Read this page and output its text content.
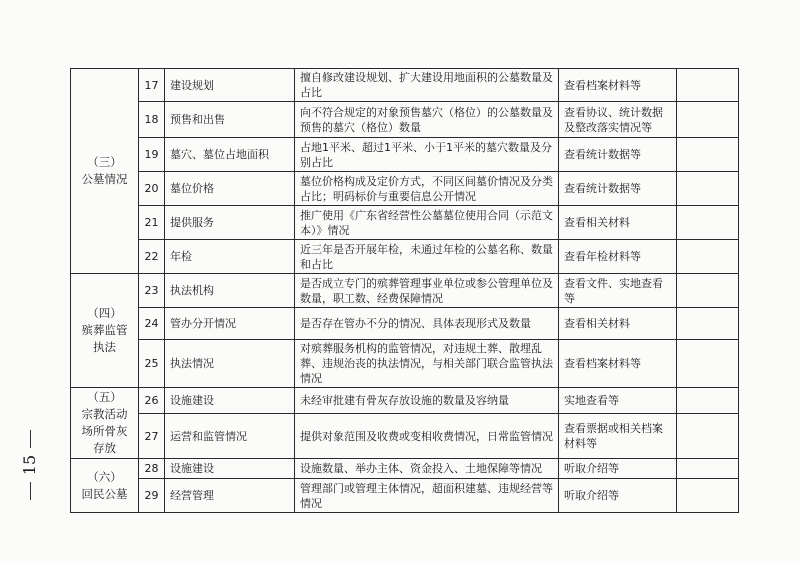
（三）
公墓情况	17	建设规划	擅自修改建设规划、扩大建设用地面积的公墓数量及占比	查看档案材料等	
	18	预售和出售	向不符合规定的对象预售墓穴（格位）的公墓数量及预售的墓穴（格位）数量	查看协议、统计数据及整改落实情况等	
	19	墓穴、墓位占地面积	占地1平米、超过1平米、小于1平米的墓穴数量及分别占比	查看统计数据等	
	20	墓位价格	墓位价格构成及定价方式，不同区间墓价情况及分类占比；明码标价与重要信息公开情况	查看统计数据等	
	21	提供服务	推广使用《广东省经营性公墓墓位使用合同（示范文本）》情况	查看相关材料	
	22	年检	近三年是否开展年检，未通过年检的公墓名称、数量和占比	查看年检材料等	

（四）
殡葬监管执法	23	执法机构	是否成立专门的殡葬管理事业单位或参公管理单位及数量，职工数、经费保障情况	查看文件、实地查看等	
	24	管办分开情况	是否存在管办不分的情况、具体表现形式及数量	查看相关材料	
	25	执法情况	对殡葬服务机构的监管情况，对违规土葬、散埋乱葬、违规治丧的执法情况，与相关部门联合监管执法情况	查看档案材料等	

（五）
宗教活动场所骨灰存放	26	设施建设	未经审批建有骨灰存放设施的数量及容纳量	实地查看等	
	27	运营和监管情况	提供对象范围及收费或变相收费情况，日常监管情况	查看票据或相关档案材料等	

（六）
回民公墓	28	设施建设	设施数量、举办主体、资金投入、土地保障等情况	听取介绍等	
	29	经营管理	管理部门或管理主体情况，超面积建墓、违规经营等情况	听取介绍等	
15
